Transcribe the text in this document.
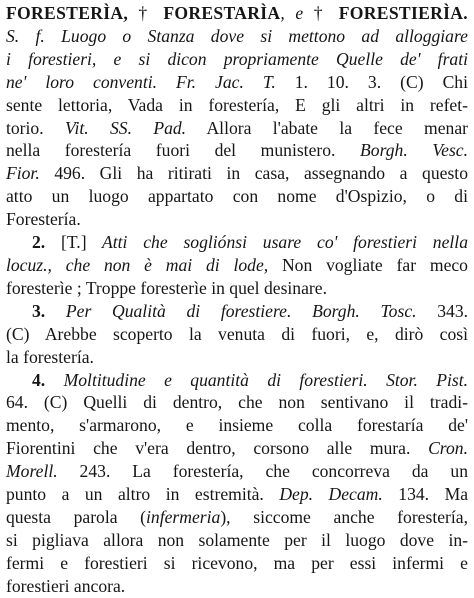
FORESTERÌA, † FORESTARÌA, e † FORESTIERÌA.
S. f. Luogo o Stanza dove si mettono ad alloggiare
i forestieri, e si dicon propriamente Quelle de' frati
ne' loro conventi. Fr. Jac. T. 1. 10. 3. (C) Chi
sente lettoria, Vada in forestería, E gli altri in refet-
torio. Vit. SS. Pad. Allora l'abate la fece menar
nella forestería fuori del munistero. Borgh. Vesc.
Fior. 496. Gli ha ritirati in casa, assegnando a questo
atto un luogo appartato con nome d'Ospizio, o di
Forestería.
2. [T.] Atti che sogliónsi usare co' forestieri nella
locuz., che non è mai di lode, Non vogliate far meco
foresterìe ; Troppe foresterìe in quel desinare.
3. Per Qualità di forestiere. Borgh. Tosc. 343.
(C) Arebbe scoperto la venuta di fuori, e, dirò così
la forestería.
4. Moltitudine e quantità di forestieri. Stor. Pist.
64. (C) Quelli di dentro, che non sentivano il tradi-
mento, s'armarono, e insieme colla forestaría de'
Fiorentini che v'era dentro, corsono alle mura. Cron.
Morell. 243. La forestería, che concorreva da un
punto a un altro in estremità. Dep. Decam. 134. Ma
questa parola (infermeria), siccome anche forestería,
si pigliava allora non solamente per il luogo dove in-
fermi e forestieri si ricevono, ma per essi infermi e
forestieri ancora.
